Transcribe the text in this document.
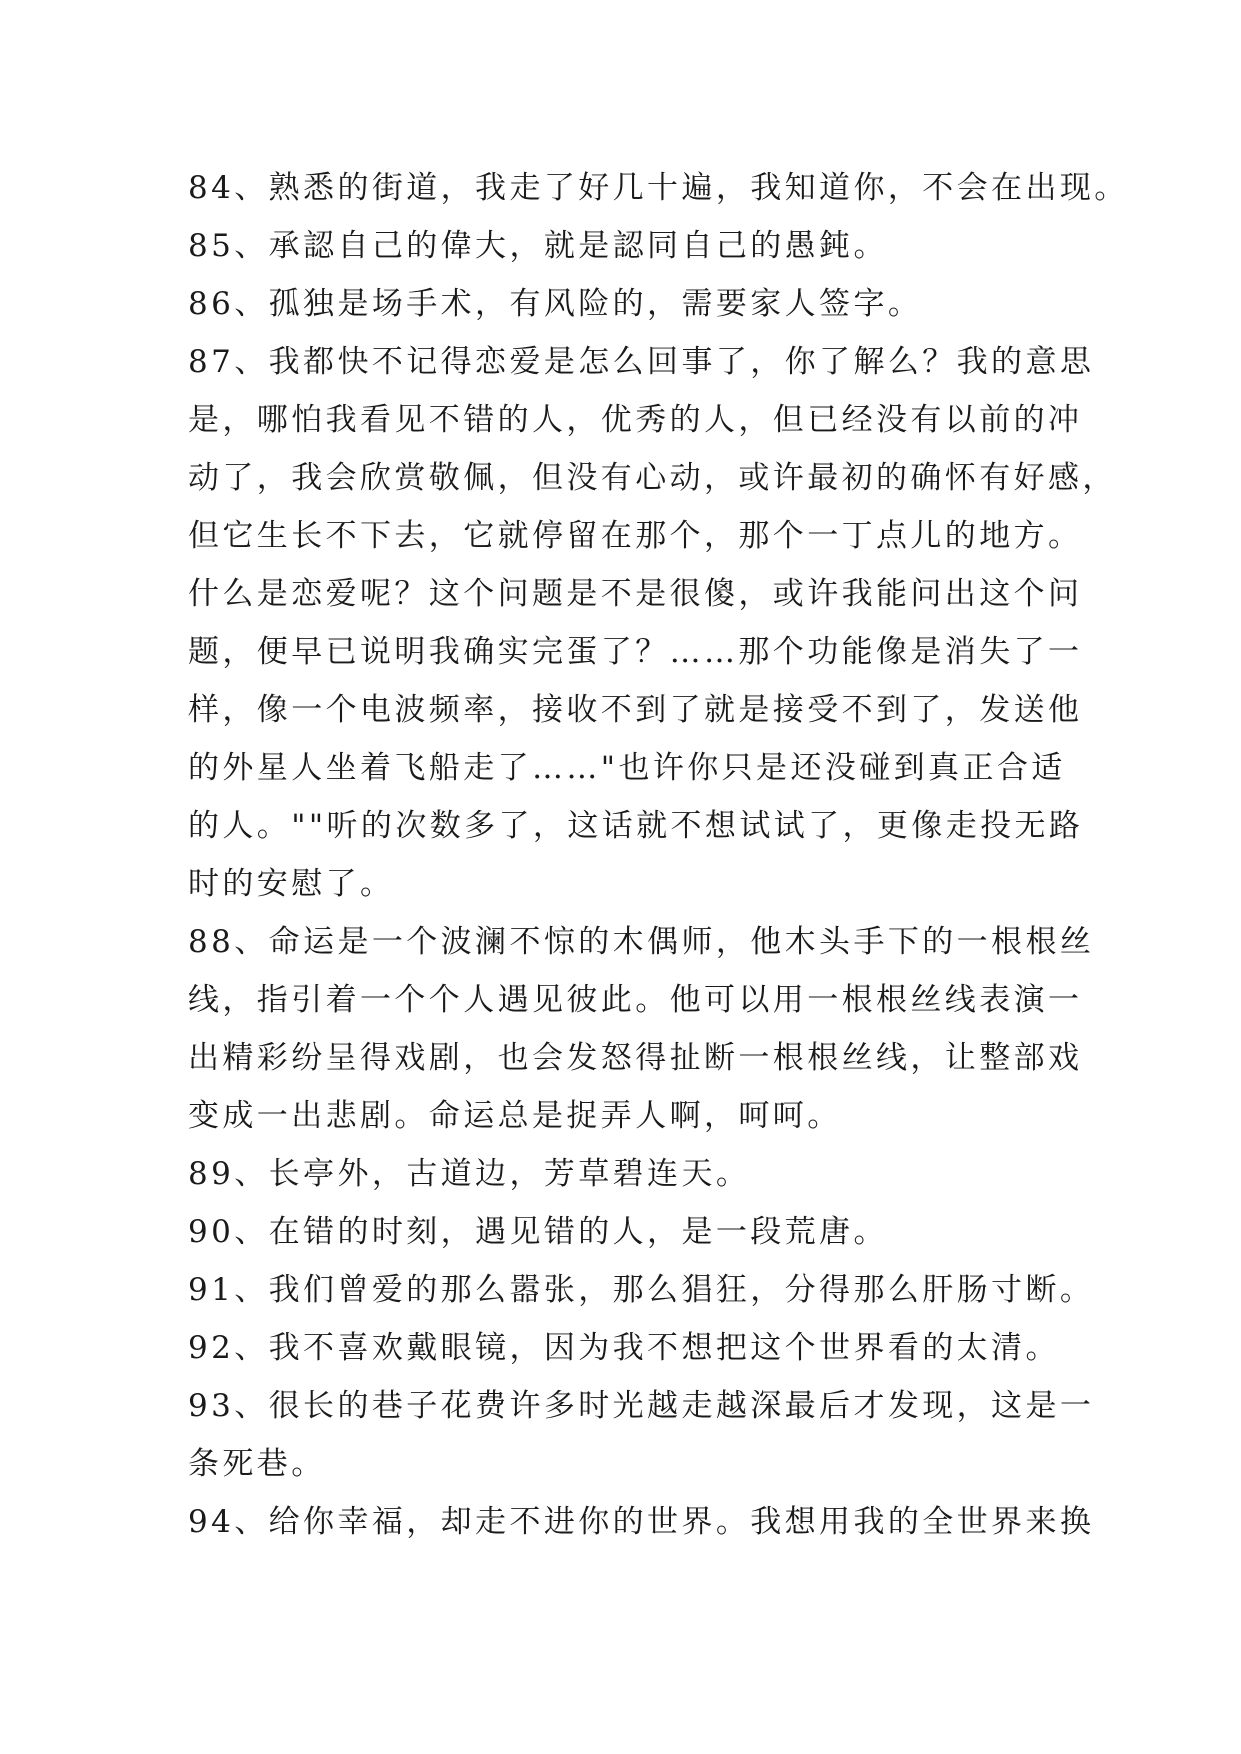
84、熟悉的街道，我走了好几十遍，我知道你，不会在出现。
85、承認自己的偉大，就是認同自己的愚鈍。
86、孤独是场手术，有风险的，需要家人签字。
87、我都快不记得恋爱是怎么回事了，你了解么？我的意思
是，哪怕我看见不错的人，优秀的人，但已经没有以前的冲
动了，我会欣赏敬佩，但没有心动，或许最初的确怀有好感，
但它生长不下去，它就停留在那个，那个一丁点儿的地方。
什么是恋爱呢？这个问题是不是很傻，或许我能问出这个问
题，便早已说明我确实完蛋了？……那个功能像是消失了一
样，像一个电波频率，接收不到了就是接受不到了，发送他
的外星人坐着飞船走了……"也许你只是还没碰到真正合适
的人。""听的次数多了，这话就不想试试了，更像走投无路
时的安慰了。
88、命运是一个波澜不惊的木偶师，他木头手下的一根根丝
线，指引着一个个人遇见彼此。他可以用一根根丝线表演一
出精彩纷呈得戏剧，也会发怒得扯断一根根丝线，让整部戏
变成一出悲剧。命运总是捉弄人啊，呵呵。
89、长亭外，古道边，芳草碧连天。
90、在错的时刻，遇见错的人，是一段荒唐。
91、我们曾爱的那么嚣张，那么猖狂，分得那么肝肠寸断。
92、我不喜欢戴眼镜，因为我不想把这个世界看的太清。
93、很长的巷子花费许多时光越走越深最后才发现，这是一
条死巷。
94、给你幸福，却走不进你的世界。我想用我的全世界来换
